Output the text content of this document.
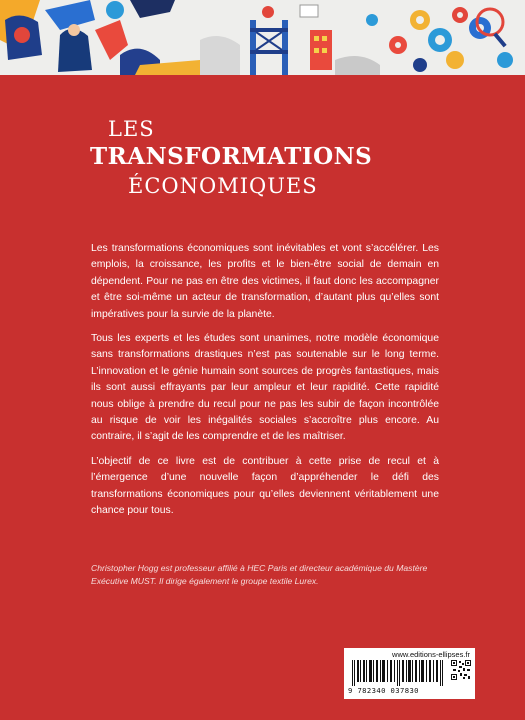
LES
TRANSFORMATIONS
ÉCONOMIQUES

Les transformations économiques sont inévitables et vont s’accélérer. Les emplois, la croissance, les profits et le bien-être social de demain en dépendent. Pour ne pas en être des victimes, il faut donc les accompagner et être soi-même un acteur de transformation, d’autant plus qu’elles sont impératives pour la survie de la planète.

Tous les experts et les études sont unanimes, notre modèle économique sans transformations drastiques n’est pas soutenable sur le long terme. L’innovation et le génie humain sont sources de progrès fantastiques, mais ils sont aussi effrayants par leur ampleur et leur rapidité. Cette rapidité nous oblige à prendre du recul pour ne pas les subir de façon incontrôlée au risque de voir les inégalités sociales s’accroître plus encore. Au contraire, il s’agit de les comprendre et de les maîtriser.

L’objectif de ce livre est de contribuer à cette prise de recul et à l’émergence d’une nouvelle façon d’appréhender le défi des transformations économiques pour qu’elles deviennent véritablement une chance pour tous.

Christopher Hogg est professeur affilié à HEC Paris et directeur académique du Mastère Exécutive MUST. Il dirige également le groupe textile Lurex.
www.editions-ellipses.fr
9 782340 037830
